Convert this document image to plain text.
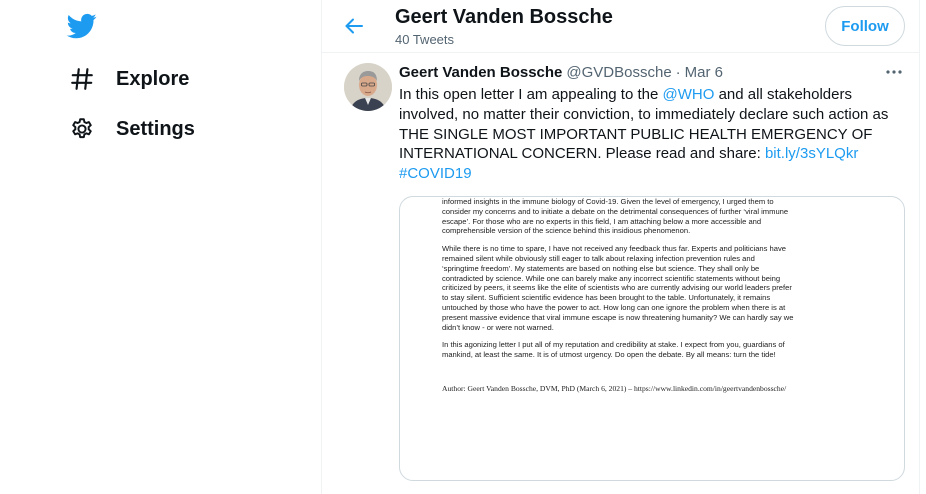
Explore
Settings
Geert Vanden Bossche
40 Tweets
Follow
Geert Vanden Bossche @GVDBossche · Mar 6
In this open letter I am appealing to the @WHO and all stakeholders
involved, no matter their conviction, to immediately declare such action as
THE SINGLE MOST IMPORTANT PUBLIC HEALTH EMERGENCY OF
INTERNATIONAL CONCERN. Please read and share: bit.ly/3sYLQkr
#COVID19

informed insights in the immune biology of Covid-19. Given the level of emergency, I urged them to

consider my concerns and to initiate a debate on the detrimental consequences of further ‘viral immune

escape’. For those who are no experts in this field, I am attaching below a more accessible and

comprehensible version of the science behind this insidious phenomenon.

While there is no time to spare, I have not received any feedback thus far. Experts and politicians have

remained silent while obviously still eager to talk about relaxing infection prevention rules and

‘springtime freedom’. My statements are based on nothing else but science. They shall only be

contradicted by science. While one can barely make any incorrect scientific statements without being

criticized by peers, it seems like the elite of scientists who are currently advising our world leaders prefer

to stay silent. Sufficient scientific evidence has been brought to the table. Unfortunately, it remains

untouched by those who have the power to act. How long can one ignore the problem when there is at

present massive evidence that viral immune escape is now threatening humanity? We can hardly say we

didn’t know - or were not warned.

In this agonizing letter I put all of my reputation and credibility at stake. I expect from you, guardians of

mankind, at least the same. It is of utmost urgency. Do open the debate. By all means: turn the tide!

Author: Geert Vanden Bossche, DVM, PhD (March 6, 2021) – https://www.linkedin.com/in/geertvandenbossche/
